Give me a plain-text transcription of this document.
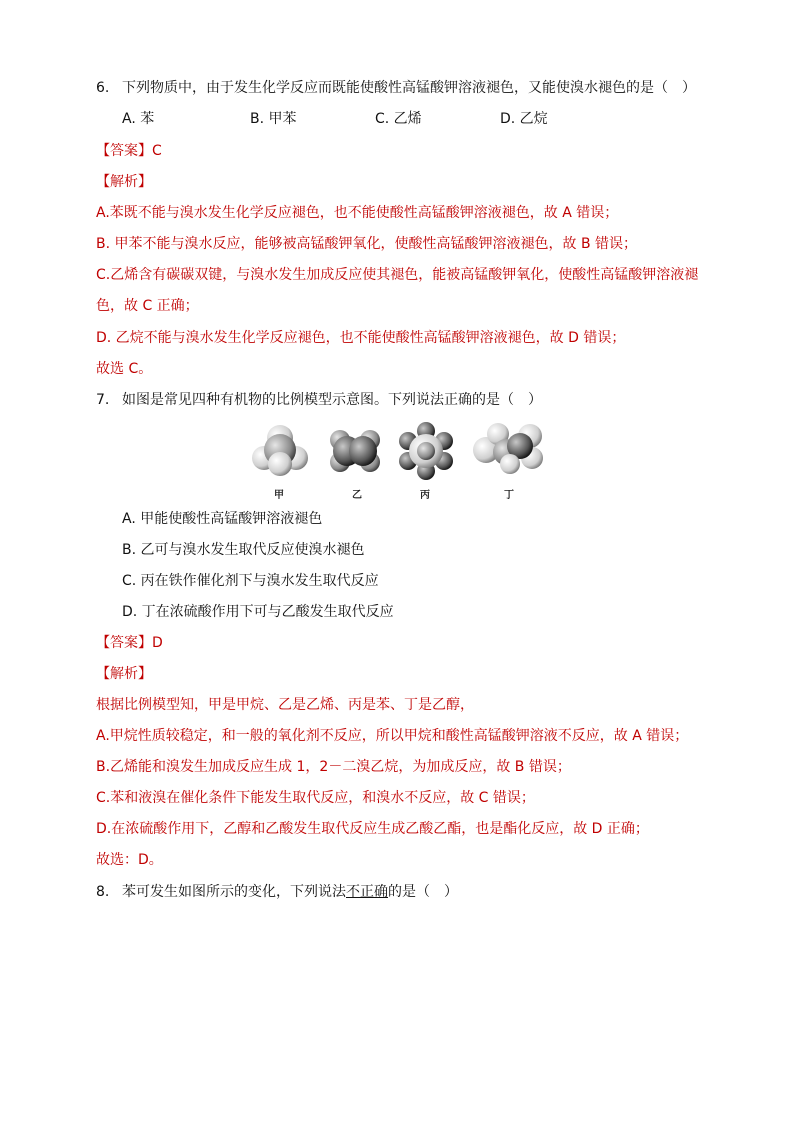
6. 下列物质中，由于发生化学反应而既能使酸性高锰酸钾溶液褪色，又能使溴水褪色的是（　）
A. 苯	B. 甲苯	C. 乙烯	D. 乙烷
【答案】C
【解析】
A.苯既不能与溴水发生化学反应褪色，也不能使酸性高锰酸钾溶液褪色，故 A 错误；
B. 甲苯不能与溴水反应，能够被高锰酸钾氧化，使酸性高锰酸钾溶液褪色，故 B 错误；
C.乙烯含有碳碳双键，与溴水发生加成反应使其褪色，能被高锰酸钾氧化，使酸性高锰酸钾溶液褪
色，故 C 正确；
D. 乙烷不能与溴水发生化学反应褪色，也不能使酸性高锰酸钾溶液褪色，故 D 错误；
故选 C。
7. 如图是常见四种有机物的比例模型示意图。下列说法正确的是（　）
甲	乙	丙	丁
A. 甲能使酸性高锰酸钾溶液褪色
B. 乙可与溴水发生取代反应使溴水褪色
C. 丙在铁作催化剂下与溴水发生取代反应
D. 丁在浓硫酸作用下可与乙酸发生取代反应
【答案】D
【解析】
根据比例模型知，甲是甲烷、乙是乙烯、丙是苯、丁是乙醇，
A.甲烷性质较稳定，和一般的氧化剂不反应，所以甲烷和酸性高锰酸钾溶液不反应，故 A 错误；
B.乙烯能和溴发生加成反应生成 1，2－二溴乙烷，为加成反应，故 B 错误；
C.苯和液溴在催化条件下能发生取代反应，和溴水不反应，故 C 错误；
D.在浓硫酸作用下，乙醇和乙酸发生取代反应生成乙酸乙酯，也是酯化反应，故 D 正确；
故选：D。
8. 苯可发生如图所示的变化，下列说法不正确的是（　）
